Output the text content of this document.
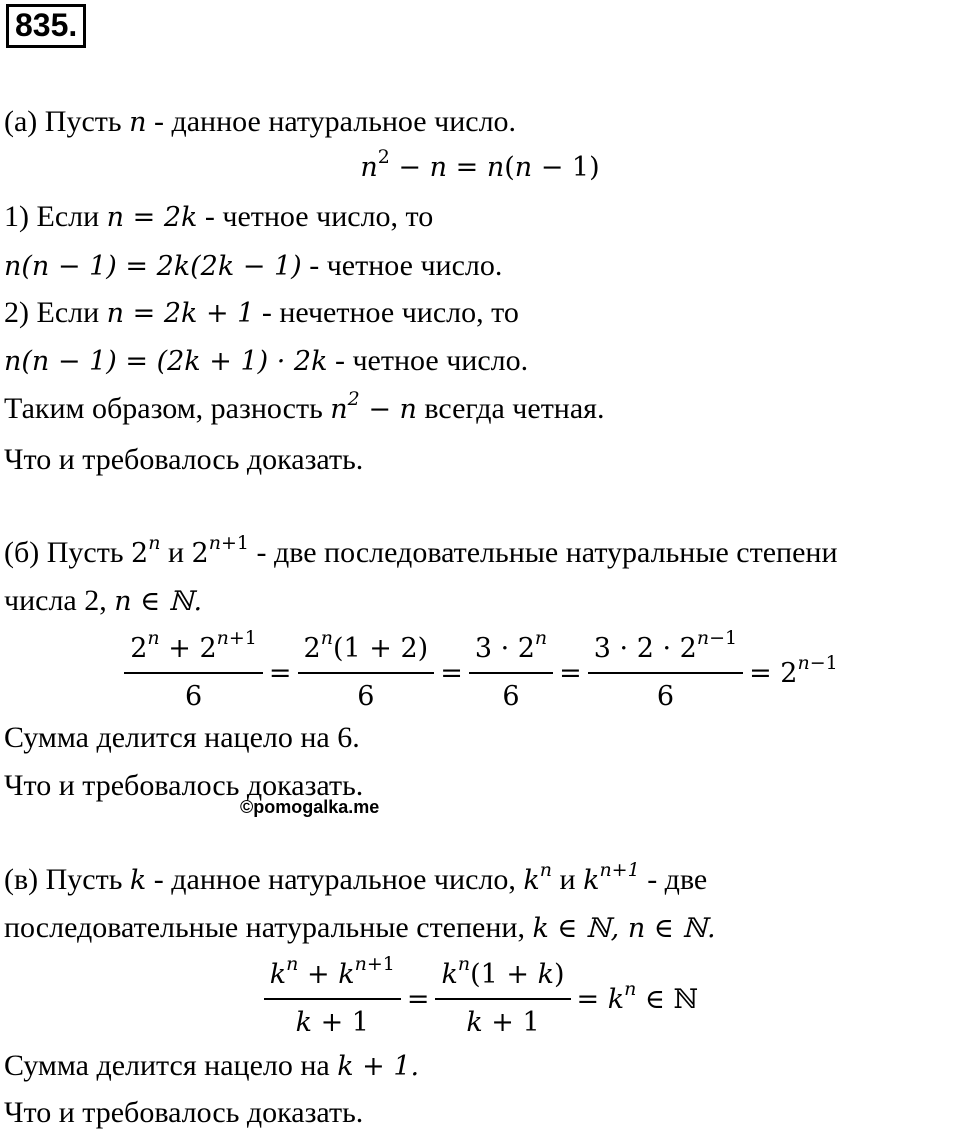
835.
(а) Пусть n - данное натуральное число.
$n^2 - n = n(n - 1)$
1) Если n = 2k - четное число, то
n(n − 1) = 2k(2k − 1) - четное число.
2) Если n = 2k + 1 - нечетное число, то
n(n − 1) = (2k + 1) · 2k - четное число.
Таким образом, разность $n^2 - n$ всегда четная.
Что и требовалось доказать.
(б) Пусть 2$^n$ и $2^{n+1}$ - две последовательные натуральные степени
числа 2, n ∈ ℕ.
$\frac{2^n + 2^{n+1}}{6} = \frac{2^n(1 + 2)}{6} = \frac{3 \cdot 2^n}{6} = \frac{3 \cdot 2 \cdot 2^{n-1}}{6} = 2^{n-1}$
Сумма делится нацело на 6.
Что и требовалось доказать.
©pomogalka.me
(в) Пусть k - данное натуральное число, $k^n$ и $k^{n+1}$ - две
последовательные натуральные степени, k ∈ ℕ, n ∈ ℕ.
$\frac{k^n + k^{n+1}}{k + 1} = \frac{k^n(1 + k)}{k + 1} = k^n$ ∈ ℕ
Сумма делится нацело на k + 1.
Что и требовалось доказать.
